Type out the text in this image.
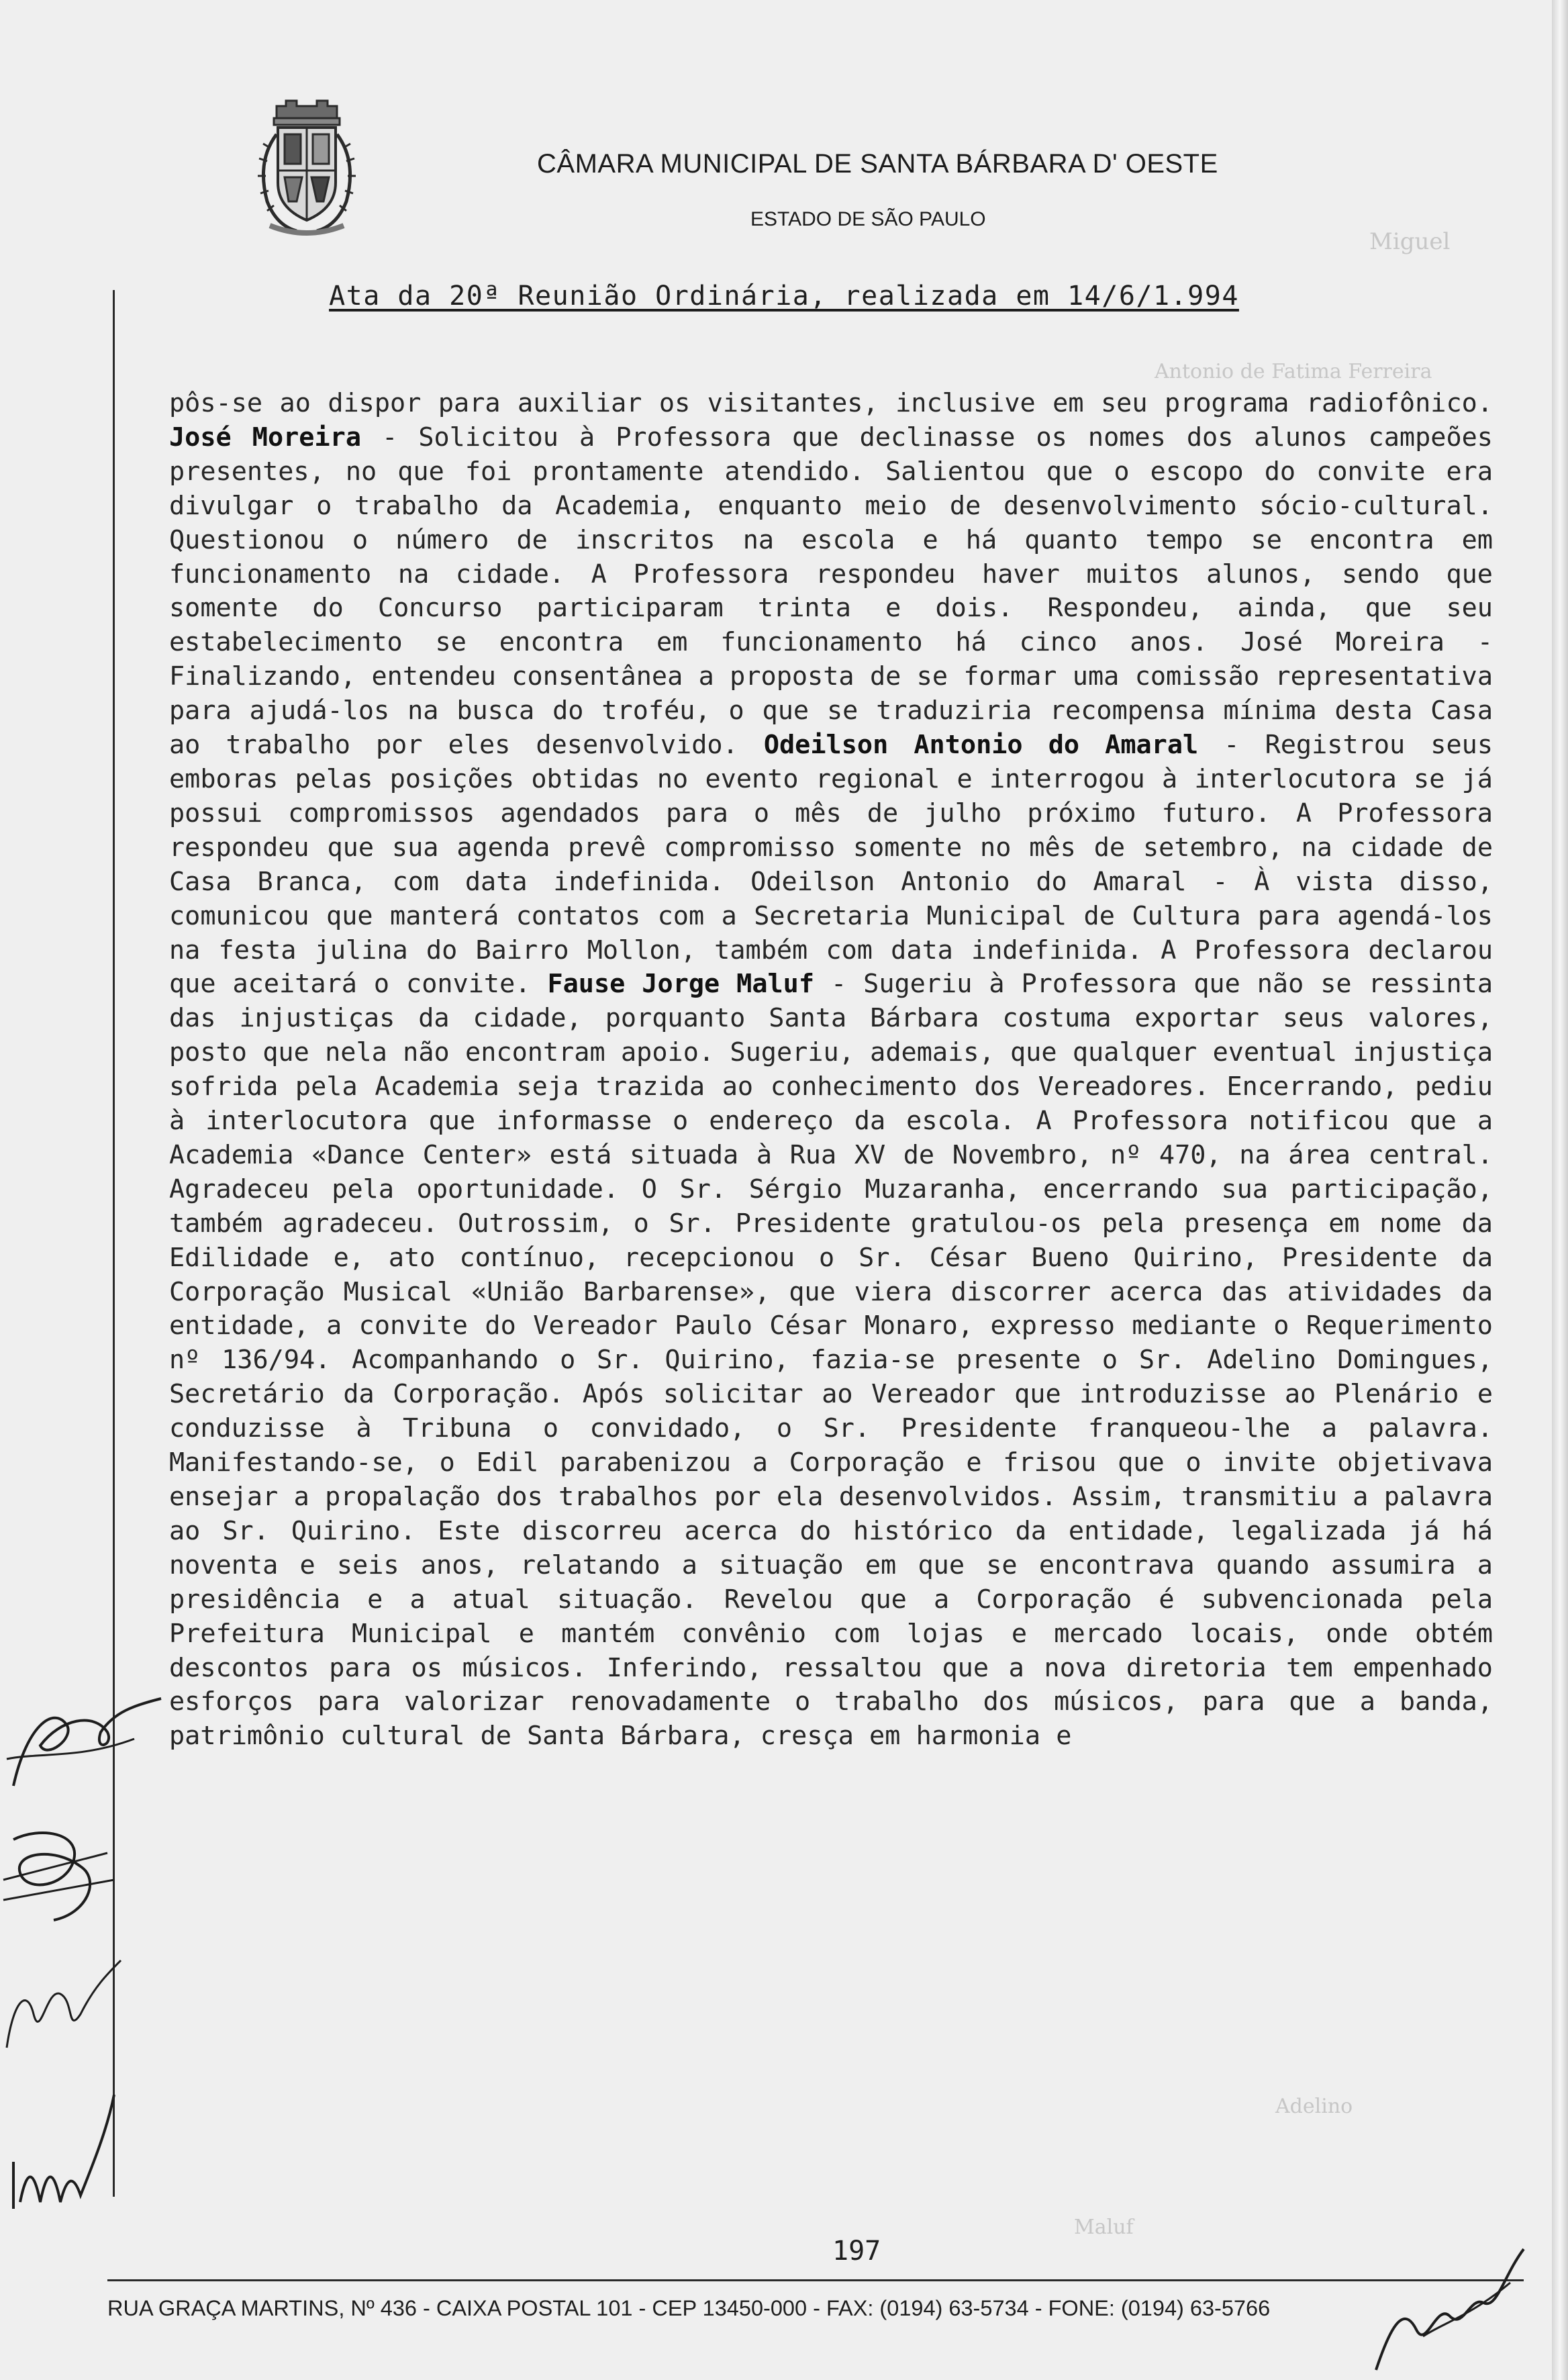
Miguel
Antonio de Fatima Ferreira
Maluf
Adelino
CÂMARA MUNICIPAL DE SANTA BÁRBARA D' OESTE
ESTADO DE SÃO PAULO
Ata da 20ª Reunião Ordinária, realizada em 14/6/1.994
pôs-se ao dispor para auxiliar os visitantes, inclusive em seu programa radiofônico. José Moreira - Solicitou à Professora que declinasse os nomes dos alunos campeões presentes, no que foi prontamente atendido. Salientou que o escopo do convite era divulgar o trabalho da Academia, enquanto meio de desenvolvimento sócio-cultural. Questionou o número de inscritos na escola e há quanto tempo se encontra em funcionamento na cidade. A Professora respondeu haver muitos alunos, sendo que somente do Concurso participaram trinta e dois. Respondeu, ainda, que seu estabelecimento se encontra em funcionamento há cinco anos. José Moreira - Finalizando, entendeu consentânea a proposta de se formar uma comissão representativa para ajudá-los na busca do troféu, o que se traduziria recompensa mínima desta Casa ao trabalho por eles desenvolvido. Odeilson Antonio do Amaral - Registrou seus emboras pelas posições obtidas no evento regional e interrogou à interlocutora se já possui compromissos agendados para o mês de julho próximo futuro. A Professora respondeu que sua agenda prevê compromisso somente no mês de setembro, na cidade de Casa Branca, com data indefinida. Odeilson Antonio do Amaral - À vista disso, comunicou que manterá contatos com a Secretaria Municipal de Cultura para agendá-los na festa julina do Bairro Mollon, também com data indefinida. A Professora declarou que aceitará o convite. Fause Jorge Maluf - Sugeriu à Professora que não se ressinta das injustiças da cidade, porquanto Santa Bárbara costuma exportar seus valores, posto que nela não encontram apoio. Sugeriu, ademais, que qualquer eventual injustiça sofrida pela Academia seja trazida ao conhecimento dos Vereadores. Encerrando, pediu à interlocutora que informasse o endereço da escola. A Professora notificou que a Academia «Dance Center» está situada à Rua XV de Novembro, nº 470, na área central. Agradeceu pela oportunidade. O Sr. Sérgio Muzaranha, encerrando sua participação, também agradeceu. Outrossim, o Sr. Presidente gratulou-os pela presença em nome da Edilidade e, ato contínuo, recepcionou o Sr. César Bueno Quirino, Presidente da Corporação Musical «União Barbarense», que viera discorrer acerca das atividades da entidade, a convite do Vereador Paulo César Monaro, expresso mediante o Requerimento nº 136/94. Acompanhando o Sr. Quirino, fazia-se presente o Sr. Adelino Domingues, Secretário da Corporação. Após solicitar ao Vereador que introduzisse ao Plenário e conduzisse à Tribuna o convidado, o Sr. Presidente franqueou-lhe a palavra. Manifestando-se, o Edil parabenizou a Corporação e frisou que o invite objetivava ensejar a propalação dos trabalhos por ela desenvolvidos. Assim, transmitiu a palavra ao Sr. Quirino. Este discorreu acerca do histórico da entidade, legalizada já há noventa e seis anos, relatando a situação em que se encontrava quando assumira a presidência e a atual situação. Revelou que a Corporação é subvencionada pela Prefeitura Municipal e mantém convênio com lojas e mercado locais, onde obtém descontos para os músicos. Inferindo, ressaltou que a nova diretoria tem empenhado esforços para valorizar renovadamente o trabalho dos músicos, para que a banda, patrimônio cultural de Santa Bárbara, cresça em harmonia e
197
RUA GRAÇA MARTINS, Nº 436 - CAIXA POSTAL 101 - CEP 13450-000 - FAX: (0194) 63-5734 - FONE: (0194) 63-5766
